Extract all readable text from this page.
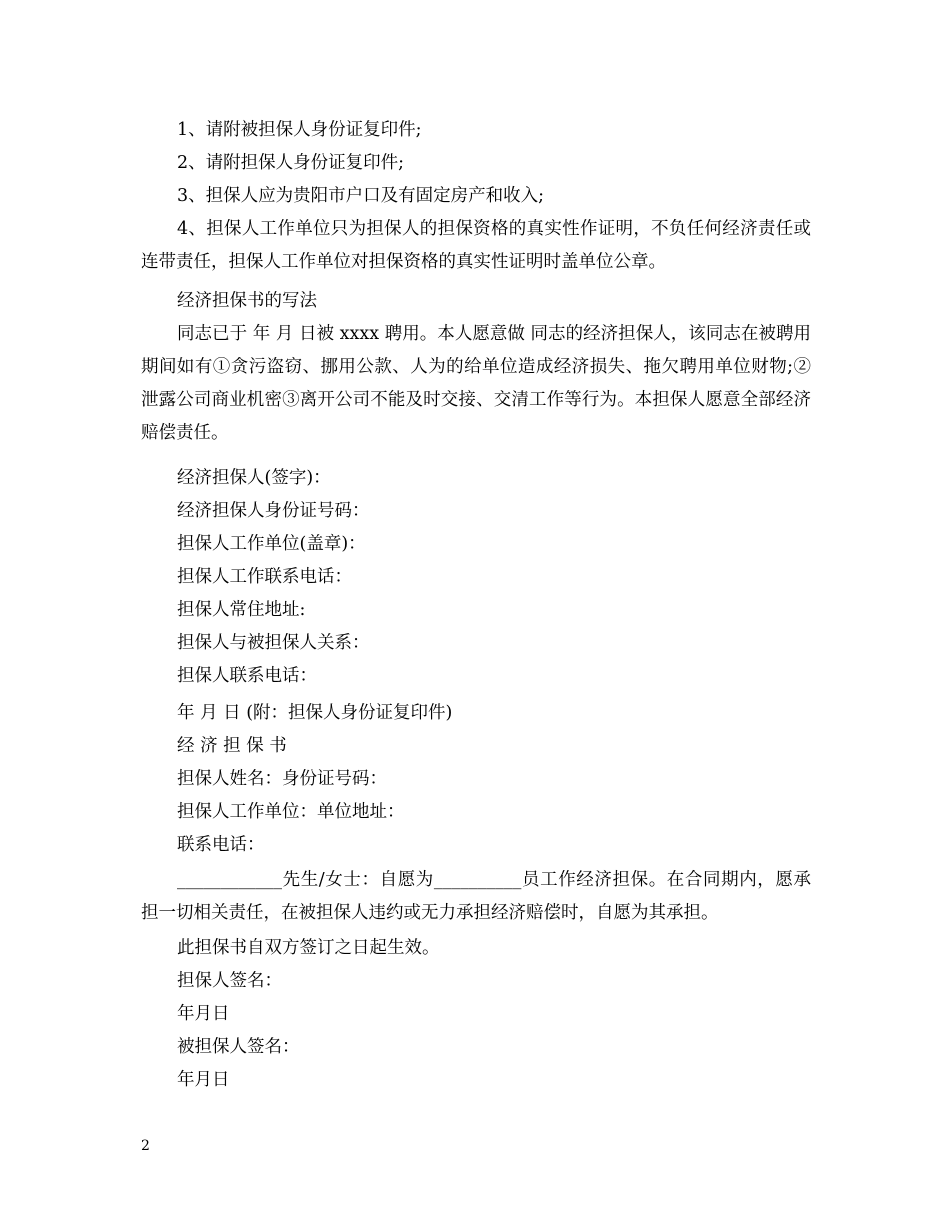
1、请附被担保人身份证复印件;

2、请附担保人身份证复印件;

3、担保人应为贵阳市户口及有固定房产和收入;

4、担保人工作单位只为担保人的担保资格的真实性作证明，不负任何经济责任或连带责任，担保人工作单位对担保资格的真实性证明时盖单位公章。

经济担保书的写法

同志已于 年 月 日被 xxxx 聘用。本人愿意做 同志的经济担保人，该同志在被聘用期间如有①贪污盗窃、挪用公款、人为的给单位造成经济损失、拖欠聘用单位财物;② 泄露公司商业机密③离开公司不能及时交接、交清工作等行为。本担保人愿意全部经济赔偿责任。

经济担保人(签字)：

经济担保人身份证号码：

担保人工作单位(盖章)：

担保人工作联系电话：

担保人常住地址:

担保人与被担保人关系：

担保人联系电话：

年 月 日 (附：担保人身份证复印件)

经 济 担 保 书

担保人姓名：身份证号码：

担保人工作单位：单位地址：

联系电话：

____________先生/女士：自愿为__________员工作经济担保。在合同期内，愿承担一切相关责任，在被担保人违约或无力承担经济赔偿时，自愿为其承担。

此担保书自双方签订之日起生效。

担保人签名：

年月日

被担保人签名：

年月日

2
